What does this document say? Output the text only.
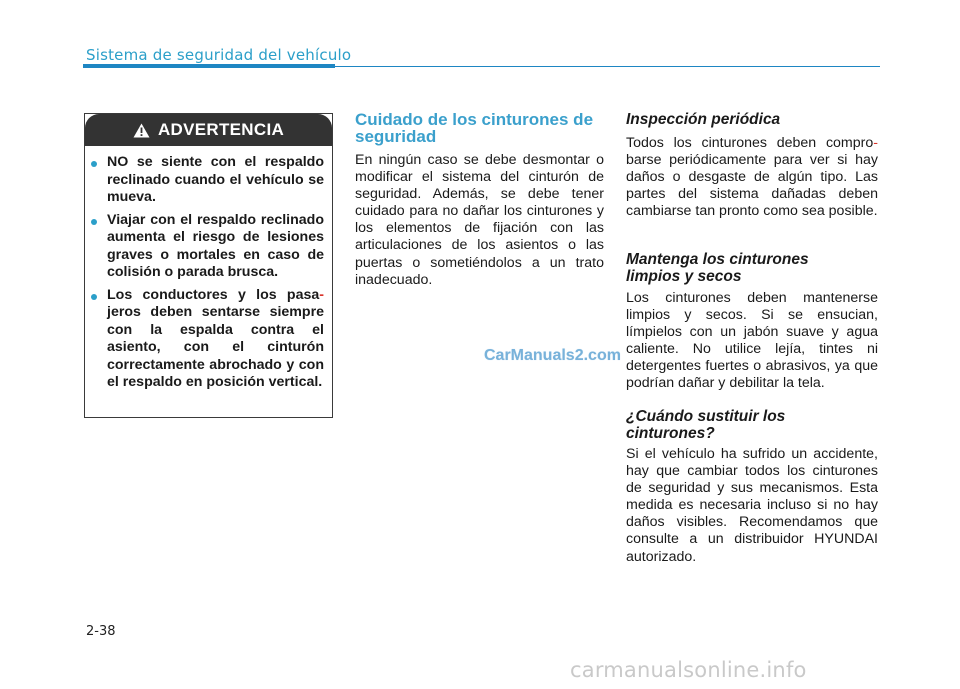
Sistema de seguridad del vehículo
ADVERTENCIA
NO se siente con el respaldo reclinado cuando el vehículo se mueva.
Viajar con el respaldo reclinado aumenta el riesgo de lesiones graves o mortales en caso de colisión o parada brusca.
Los conductores y los pasa- jeros deben sentarse siempre con la espalda contra el asiento, con el cinturón correctamente abrochado y con el respaldo en posición vertical.
Cuidado de los cinturones de seguridad
En ningún caso se debe desmontar o modificar el sistema del cinturón de seguridad. Además, se debe tener cuidado para no dañar los cinturones y los elementos de fijación con las articulaciones de los asientos o las puertas o sometiéndolos a un trato inadecuado.
Inspección periódica
Todos los cinturones deben compro- barse periódicamente para ver si hay daños o desgaste de algún tipo. Las partes del sistema dañadas deben cambiarse tan pronto como sea posible.
Mantenga los cinturones limpios y secos
Los cinturones deben mantenerse limpios y secos. Si se ensucian, límpielos con un jabón suave y agua caliente. No utilice lejía, tintes ni detergentes fuertes o abrasivos, ya que podrían dañar y debilitar la tela.
¿Cuándo sustituir los cinturones?
Si el vehículo ha sufrido un accidente, hay que cambiar todos los cinturones de seguridad y sus mecanismos. Esta medida es necesaria incluso si no hay daños visibles. Recomendamos que consulte a un distribuidor HYUNDAI autorizado.
CarManuals2.com
2-38
carmanualsonline.info
